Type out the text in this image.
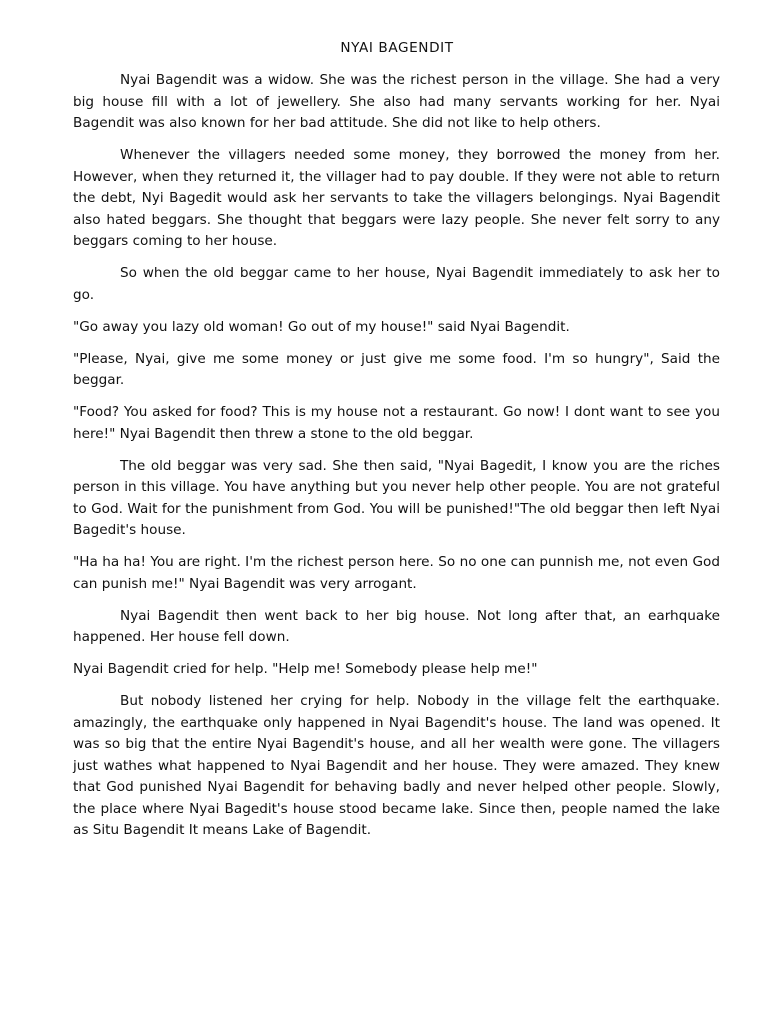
NYAI BAGENDIT

Nyai Bagendit was a widow. She was the richest person in the village. She had a very big house fill with a lot of jewellery. She also had many servants working for her. Nyai Bagendit was also known for her bad attitude. She did not like to help others.

Whenever the villagers needed some money, they borrowed the money from her. However, when they returned it, the villager had to pay double. If they were not able to return the debt, Nyi Bagedit would ask her servants to take the villagers belongings. Nyai Bagendit also hated beggars. She thought that beggars were lazy people. She never felt sorry to any beggars coming to her house.

So when the old beggar came to her house, Nyai Bagendit immediately to ask her to go.

"Go away you lazy old woman! Go out of my house!" said Nyai Bagendit.

"Please, Nyai, give me some money or just give me some food. I'm so hungry", Said the beggar.

"Food? You asked for food? This is my house not a restaurant. Go now! I dont want to see you here!" Nyai Bagendit then threw a stone to the old beggar.

The old beggar was very sad. She then said, "Nyai Bagedit, I know you are the riches person in this village. You have anything but you never help other people. You are not grateful to God. Wait for the punishment from God. You will be punished!"The old beggar then left Nyai Bagedit's house.

"Ha ha ha! You are right. I'm the richest person here. So no one can punnish me, not even God can punish me!" Nyai Bagendit was very arrogant.

Nyai Bagendit then went back to her big house. Not long after that, an earhquake happened. Her house fell down.

Nyai Bagendit cried for help. "Help me! Somebody please help me!"

But nobody listened her crying for help. Nobody in the village felt the earthquake. amazingly, the earthquake only happened in Nyai Bagendit's house. The land was opened. It was so big that the entire Nyai Bagendit's house, and all her wealth were gone. The villagers just wathes what happened to Nyai Bagendit and her house. They were amazed. They knew that God punished Nyai Bagendit for behaving badly and never helped other people. Slowly, the place where Nyai Bagedit's house stood became lake. Since then, people named the lake as Situ Bagendit It means Lake of Bagendit.
